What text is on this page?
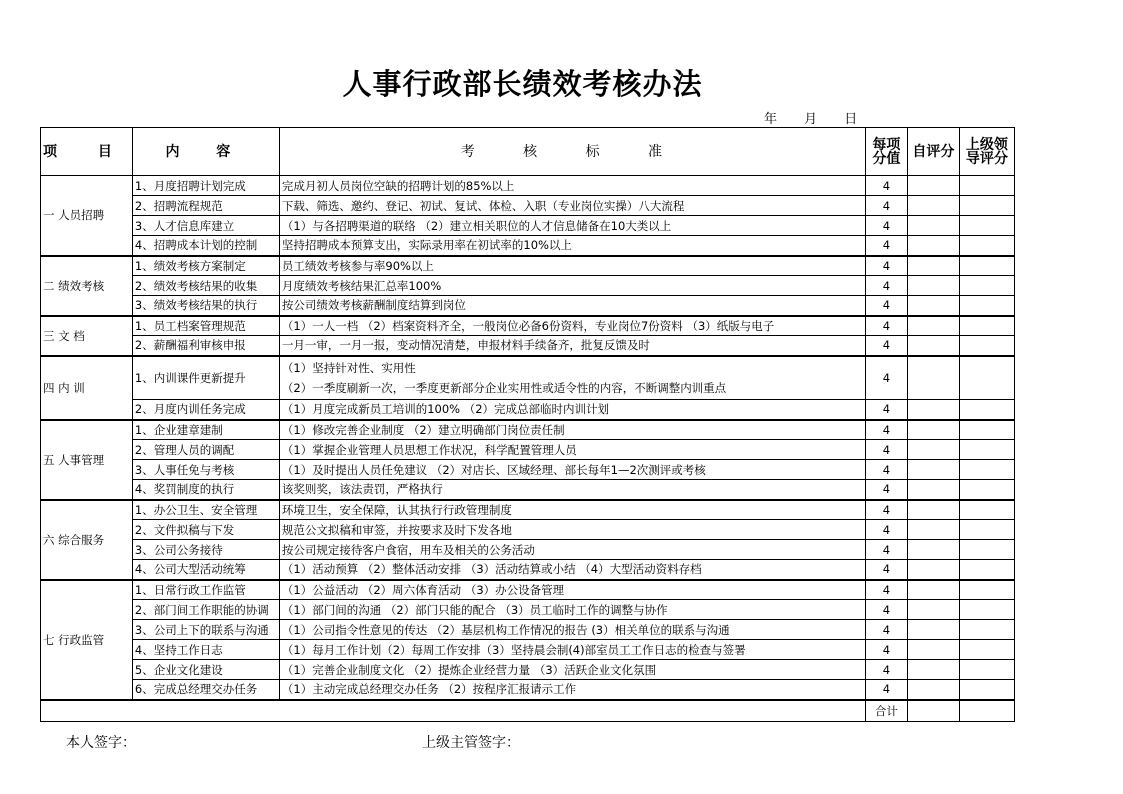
人事行政部长绩效考核办法
年 月 日
项 目	内 容	考 核 标 准	每项分值	自评分	上级领导评分
一 人员招聘	1、月度招聘计划完成	完成月初人员岗位空缺的招聘计划的85%以上	4		
	2、招聘流程规范	下载、筛选、邀约、登记、初试、复试、体检、入职（专业岗位实操）八大流程	4		
	3、人才信息库建立	（1）与各招聘渠道的联络 （2）建立相关职位的人才信息储备在10大类以上	4		
	4、招聘成本计划的控制	坚持招聘成本预算支出，实际录用率在初试率的10%以上	4		
二 绩效考核	1、绩效考核方案制定	员工绩效考核参与率90%以上	4		
	2、绩效考核结果的收集	月度绩效考核结果汇总率100%	4		
	3、绩效考核结果的执行	按公司绩效考核薪酬制度结算到岗位	4		
三 文 档	1、员工档案管理规范	（1）一人一档 （2）档案资料齐全，一般岗位必备6份资料，专业岗位7份资料 （3）纸版与电子	4		
	2、薪酬福利审核申报	一月一审，一月一报，变动情况清楚，申报材料手续备齐，批复反馈及时	4		
四 内 训	1、内训课件更新提升	（1）坚持针对性、实用性
（2）一季度刷新一次，一季度更新部分企业实用性或适令性的内容，不断调整内训重点	4		
	2、月度内训任务完成	（1）月度完成新员工培训的100% （2）完成总部临时内训计划	4		
五 人事管理	1、企业建章建制	（1）修改完善企业制度 （2）建立明确部门岗位责任制	4		
	2、管理人员的调配	（1）掌握企业管理人员思想工作状况，科学配置管理人员	4		
	3、人事任免与考核	（1）及时提出人员任免建议 （2）对店长、区域经理、部长每年1—2次测评或考核	4		
	4、奖罚制度的执行	该奖则奖，该法责罚，严格执行	4		
六 综合服务	1、办公卫生、安全管理	环境卫生，安全保障，认其执行行政管理制度	4		
	2、文件拟稿与下发	规范公文拟稿和审签，并按要求及时下发各地	4		
	3、公司公务接待	按公司规定接待客户食宿，用车及相关的公务活动	4		
	4、公司大型活动统筹	（1）活动预算 （2）整体活动安排 （3）活动结算或小结 （4）大型活动资料存档	4		
七 行政监管	1、日常行政工作监管	（1）公益活动 （2）周六体育活动 （3）办公设备管理	4		
	2、部门间工作职能的协调	（1）部门间的沟通 （2）部门只能的配合 （3）员工临时工作的调整与协作	4		
	3、公司上下的联系与沟通	（1）公司指令性意见的传达 （2）基层机构工作情况的报告 (3）相关单位的联系与沟通	4		
	4、坚持工作日志	（1）每月工作计划（2）每周工作安排（3）坚持晨会制(4)部室员工工作日志的检查与签署	4		
	5、企业文化建设	（1）完善企业制度文化 （2）提炼企业经营力量 （3）活跃企业文化氛围	4		
	6、完成总经理交办任务	（1）主动完成总经理交办任务 （2）按程序汇报请示工作	4		
			合计		
本人签字：	上级主管签字：
